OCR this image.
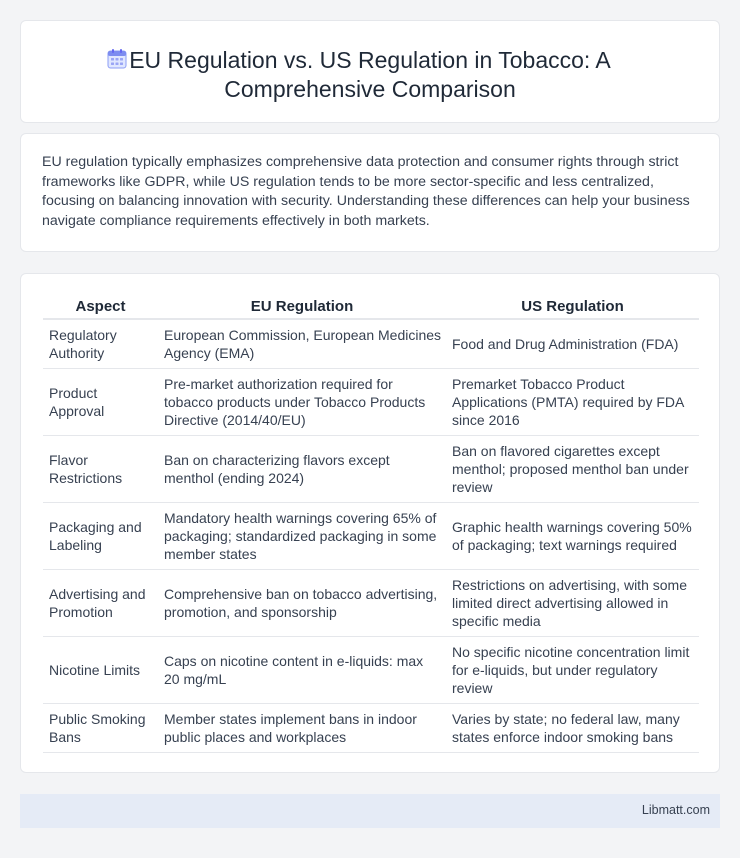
EU Regulation vs. US Regulation in Tobacco: A
Comprehensive Comparison

EU regulation typically emphasizes comprehensive data protection and consumer rights through strict frameworks like GDPR, while US regulation tends to be more sector-specific and less centralized, focusing on balancing innovation with security. Understanding these differences can help your business navigate compliance requirements effectively in both markets.

Aspect	EU Regulation	US Regulation
Regulatory Authority	European Commission, European Medicines Agency (EMA)	Food and Drug Administration (FDA)
Product Approval	Pre-market authorization required for tobacco products under Tobacco Products Directive (2014/40/EU)	Premarket Tobacco Product Applications (PMTA) required by FDA since 2016
Flavor Restrictions	Ban on characterizing flavors except menthol (ending 2024)	Ban on flavored cigarettes except menthol; proposed menthol ban under review
Packaging and Labeling	Mandatory health warnings covering 65% of packaging; standardized packaging in some member states	Graphic health warnings covering 50% of packaging; text warnings required
Advertising and Promotion	Comprehensive ban on tobacco advertising, promotion, and sponsorship	Restrictions on advertising, with some limited direct advertising allowed in specific media
Nicotine Limits	Caps on nicotine content in e-liquids: max 20 mg/mL	No specific nicotine concentration limit for e-liquids, but under regulatory review
Public Smoking Bans	Member states implement bans in indoor public places and workplaces	Varies by state; no federal law, many states enforce indoor smoking bans
Libmatt.com
